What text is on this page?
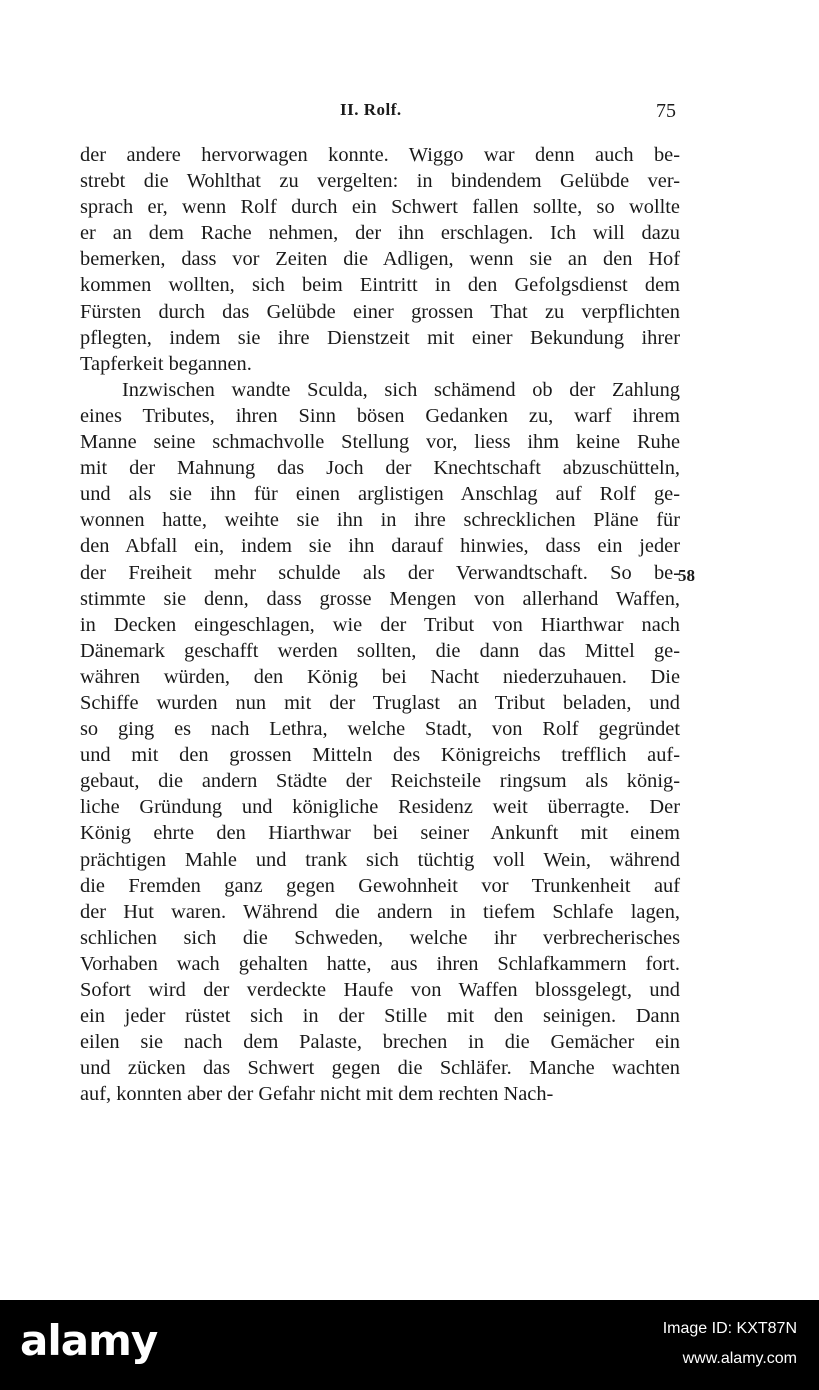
II. Rolf.	75
der andere hervorwagen konnte. Wiggo war denn auch be-
strebt die Wohlthat zu vergelten: in bindendem Gelübde ver-
sprach er, wenn Rolf durch ein Schwert fallen sollte, so wollte
er an dem Rache nehmen, der ihn erschlagen. Ich will dazu
bemerken, dass vor Zeiten die Adligen, wenn sie an den Hof
kommen wollten, sich beim Eintritt in den Gefolgsdienst dem
Fürsten durch das Gelübde einer grossen That zu verpflichten
pflegten, indem sie ihre Dienstzeit mit einer Bekundung ihrer
Tapferkeit begannen.
Inzwischen wandte Sculda, sich schämend ob der Zahlung
eines Tributes, ihren Sinn bösen Gedanken zu, warf ihrem
Manne seine schmachvolle Stellung vor, liess ihm keine Ruhe
mit der Mahnung das Joch der Knechtschaft abzuschütteln,
und als sie ihn für einen arglistigen Anschlag auf Rolf ge-
wonnen hatte, weihte sie ihn in ihre schrecklichen Pläne für
den Abfall ein, indem sie ihn darauf hinwies, dass ein jeder
der Freiheit mehr schulde als der Verwandtschaft. So be-
stimmte sie denn, dass grosse Mengen von allerhand Waffen,
in Decken eingeschlagen, wie der Tribut von Hiarthwar nach
Dänemark geschafft werden sollten, die dann das Mittel ge-
währen würden, den König bei Nacht niederzuhauen. Die
Schiffe wurden nun mit der Truglast an Tribut beladen, und
so ging es nach Lethra, welche Stadt, von Rolf gegründet
und mit den grossen Mitteln des Königreichs trefflich auf-
gebaut, die andern Städte der Reichsteile ringsum als könig-
liche Gründung und königliche Residenz weit überragte. Der
König ehrte den Hiarthwar bei seiner Ankunft mit einem
prächtigen Mahle und trank sich tüchtig voll Wein, während
die Fremden ganz gegen Gewohnheit vor Trunkenheit auf
der Hut waren. Während die andern in tiefem Schlafe lagen,
schlichen sich die Schweden, welche ihr verbrecherisches
Vorhaben wach gehalten hatte, aus ihren Schlafkammern fort.
Sofort wird der verdeckte Haufe von Waffen blossgelegt, und
ein jeder rüstet sich in der Stille mit den seinigen. Dann
eilen sie nach dem Palaste, brechen in die Gemächer ein
und zücken das Schwert gegen die Schläfer. Manche wachten
auf, konnten aber der Gefahr nicht mit dem rechten Nach-
58
alamy	Image ID: KXT87N
www.alamy.com
